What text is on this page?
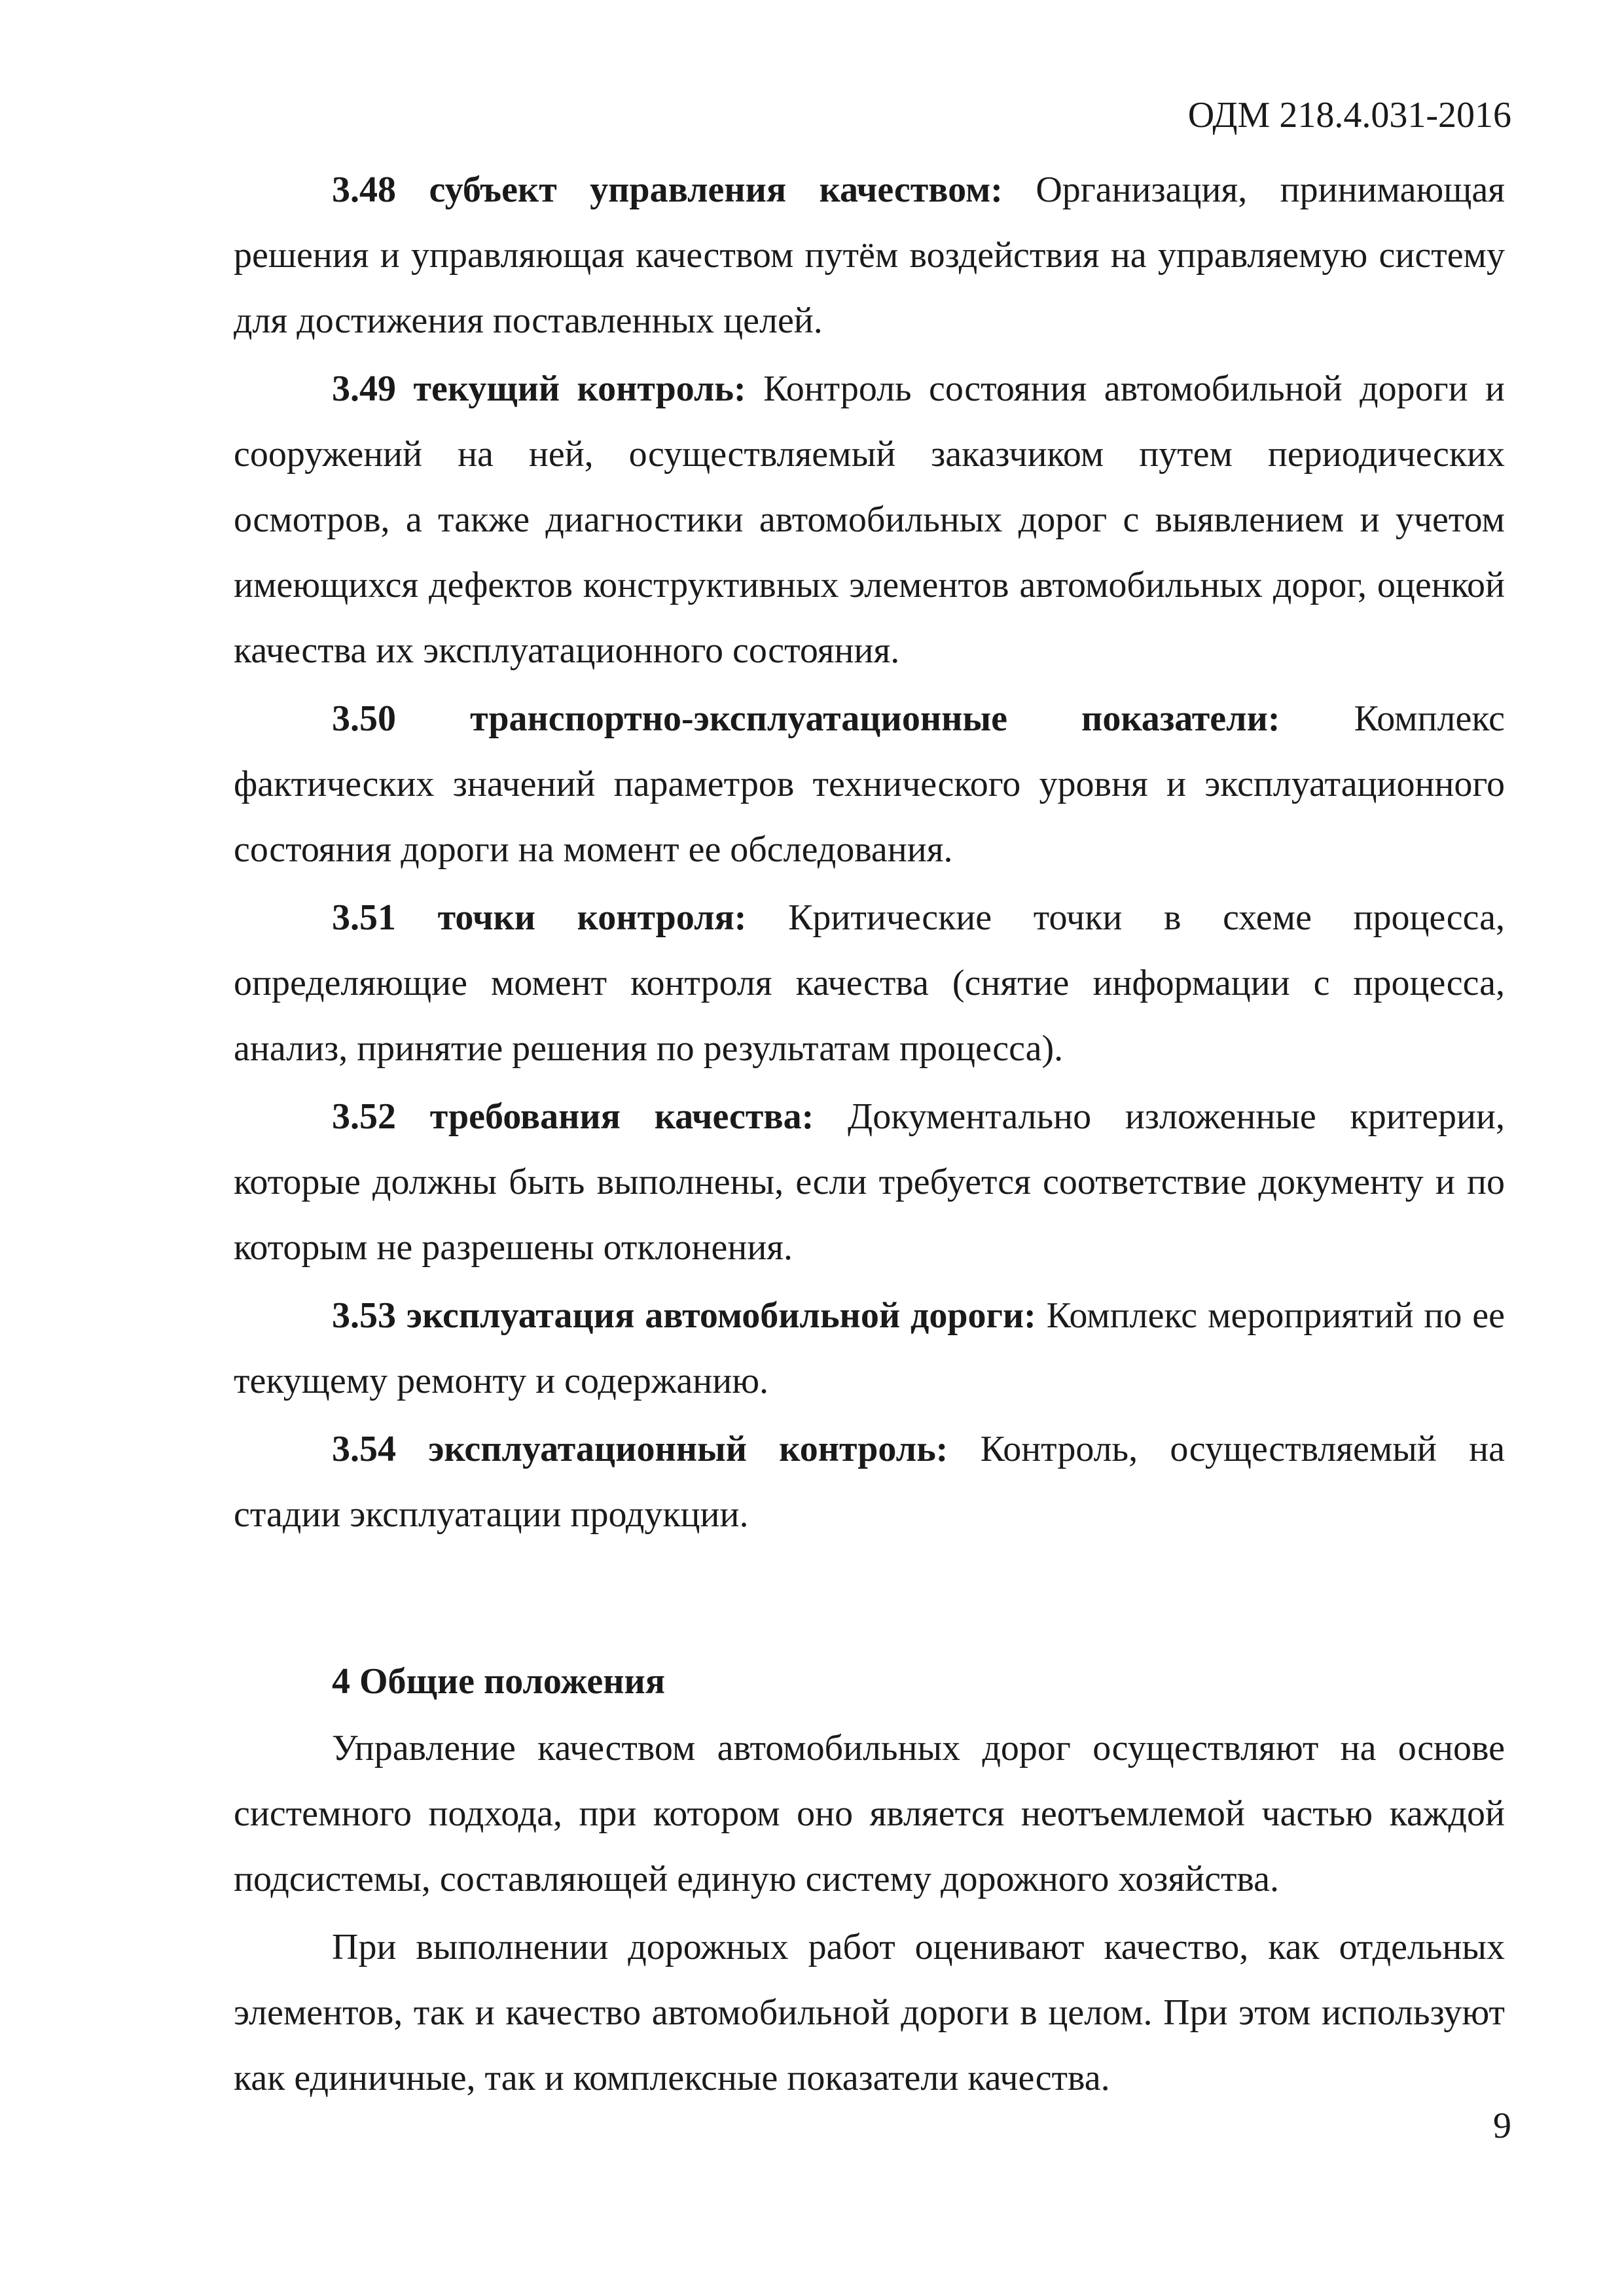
ОДМ 218.4.031-2016

3.48 субъект управления качеством: Организация, принимающая решения и управляющая качеством путём воздействия на управляемую систему для достижения поставленных целей.

3.49 текущий контроль: Контроль состояния автомобильной дороги и сооружений на ней, осуществляемый заказчиком путем периодических осмотров, а также диагностики автомобильных дорог с выявлением и учетом имеющихся дефектов конструктивных элементов автомобильных дорог, оценкой качества их эксплуатационного состояния.

3.50 транспортно-эксплуатационные показатели: Комплекс фактических значений параметров технического уровня и эксплуатационного состояния дороги на момент ее обследования.

3.51 точки контроля: Критические точки в схеме процесса, определяющие момент контроля качества (снятие информации с процесса, анализ, принятие решения по результатам процесса).

3.52 требования качества: Документально изложенные критерии, которые должны быть выполнены, если требуется соответствие документу и по которым не разрешены отклонения.

3.53 эксплуатация автомобильной дороги: Комплекс мероприятий по ее текущему ремонту и содержанию.

3.54 эксплуатационный контроль: Контроль, осуществляемый на стадии эксплуатации продукции.

4 Общие положения

Управление качеством автомобильных дорог осуществляют на основе системного подхода, при котором оно является неотъемлемой частью каждой подсистемы, составляющей единую систему дорожного хозяйства.

При выполнении дорожных работ оценивают качество, как отдельных элементов, так и качество автомобильной дороги в целом. При этом используют как единичные, так и комплексные показатели качества.

9
